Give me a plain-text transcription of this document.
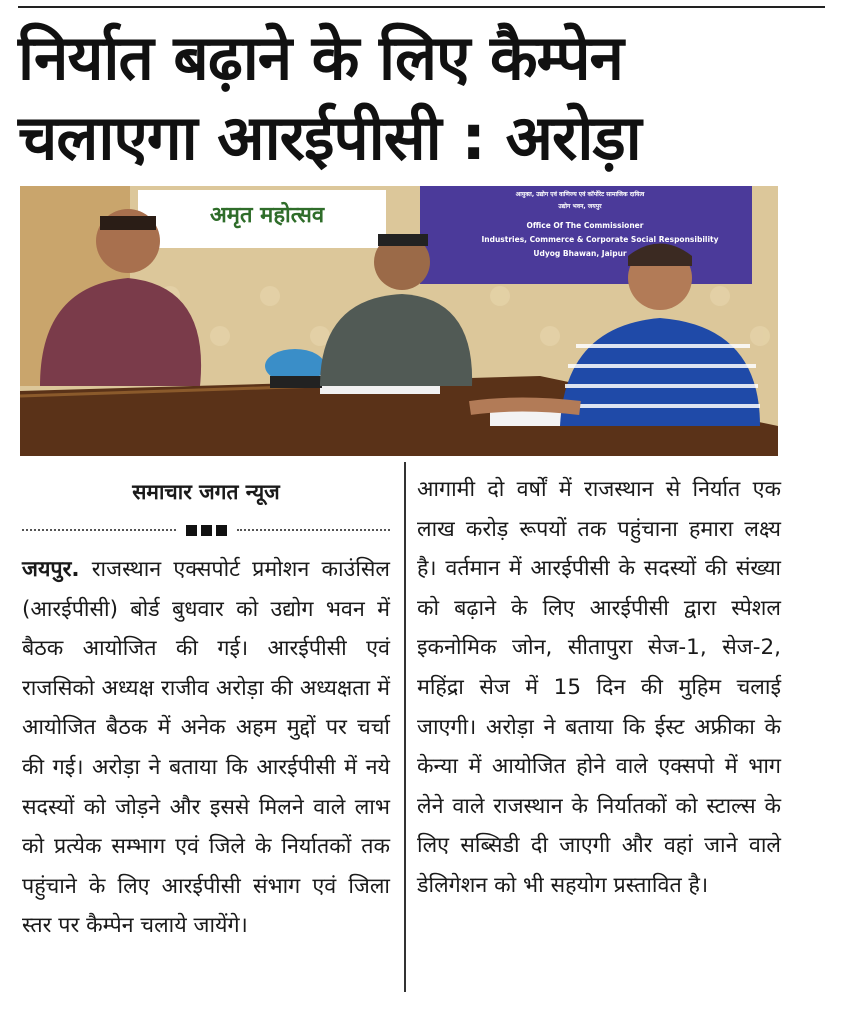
निर्यात बढ़ाने के लिए कैम्पेन
चलाएगा आरईपीसी : अरोड़ा
अमृत महोत्सव
आयुक्त, उद्योग एवं वाणिज्य एवं कॉर्पोरेट सामाजिक दायित्व
उद्योग भवन, जयपुर
Office Of The Commissioner
Industries, Commerce & Corporate Social Responsibility
Udyog Bhawan, Jaipur
समाचार जगत न्यूज

जयपुर. राजस्थान एक्सपोर्ट प्रमोशन काउंसिल (आरईपीसी) बोर्ड बुधवार को उद्योग भवन में बैठक आयोजित की गई। आरईपीसी एवं राजसिको अध्यक्ष राजीव अरोड़ा की अध्यक्षता में आयोजित बैठक में अनेक अहम मुद्दों पर चर्चा की गई। अरोड़ा ने बताया कि आरईपीसी में नये सदस्यों को जोड़ने और इससे मिलने वाले लाभ को प्रत्येक सम्भाग एवं जिले के निर्यातकों तक पहुंचाने के लिए आरईपीसी संभाग एवं जिला स्तर पर कैम्पेन चलाये जायेंगे।

आगामी दो वर्षों में राजस्थान से निर्यात एक लाख करोड़ रूपयों तक पहुंचाना हमारा लक्ष्य है। वर्तमान में आरईपीसी के सदस्यों की संख्या को बढ़ाने के लिए आरईपीसी द्वारा स्पेशल इकनोमिक जोन, सीतापुरा सेज-1, सेज-2, महिंद्रा सेज में 15 दिन की मुहिम चलाई जाएगी। अरोड़ा ने बताया कि ईस्ट अफ्रीका के केन्या में आयोजित होने वाले एक्सपो में भाग लेने वाले राजस्थान के निर्यातकों को स्टाल्स के लिए सब्सिडी दी जाएगी और वहां जाने वाले डेलिगेशन को भी सहयोग प्रस्तावित है।
